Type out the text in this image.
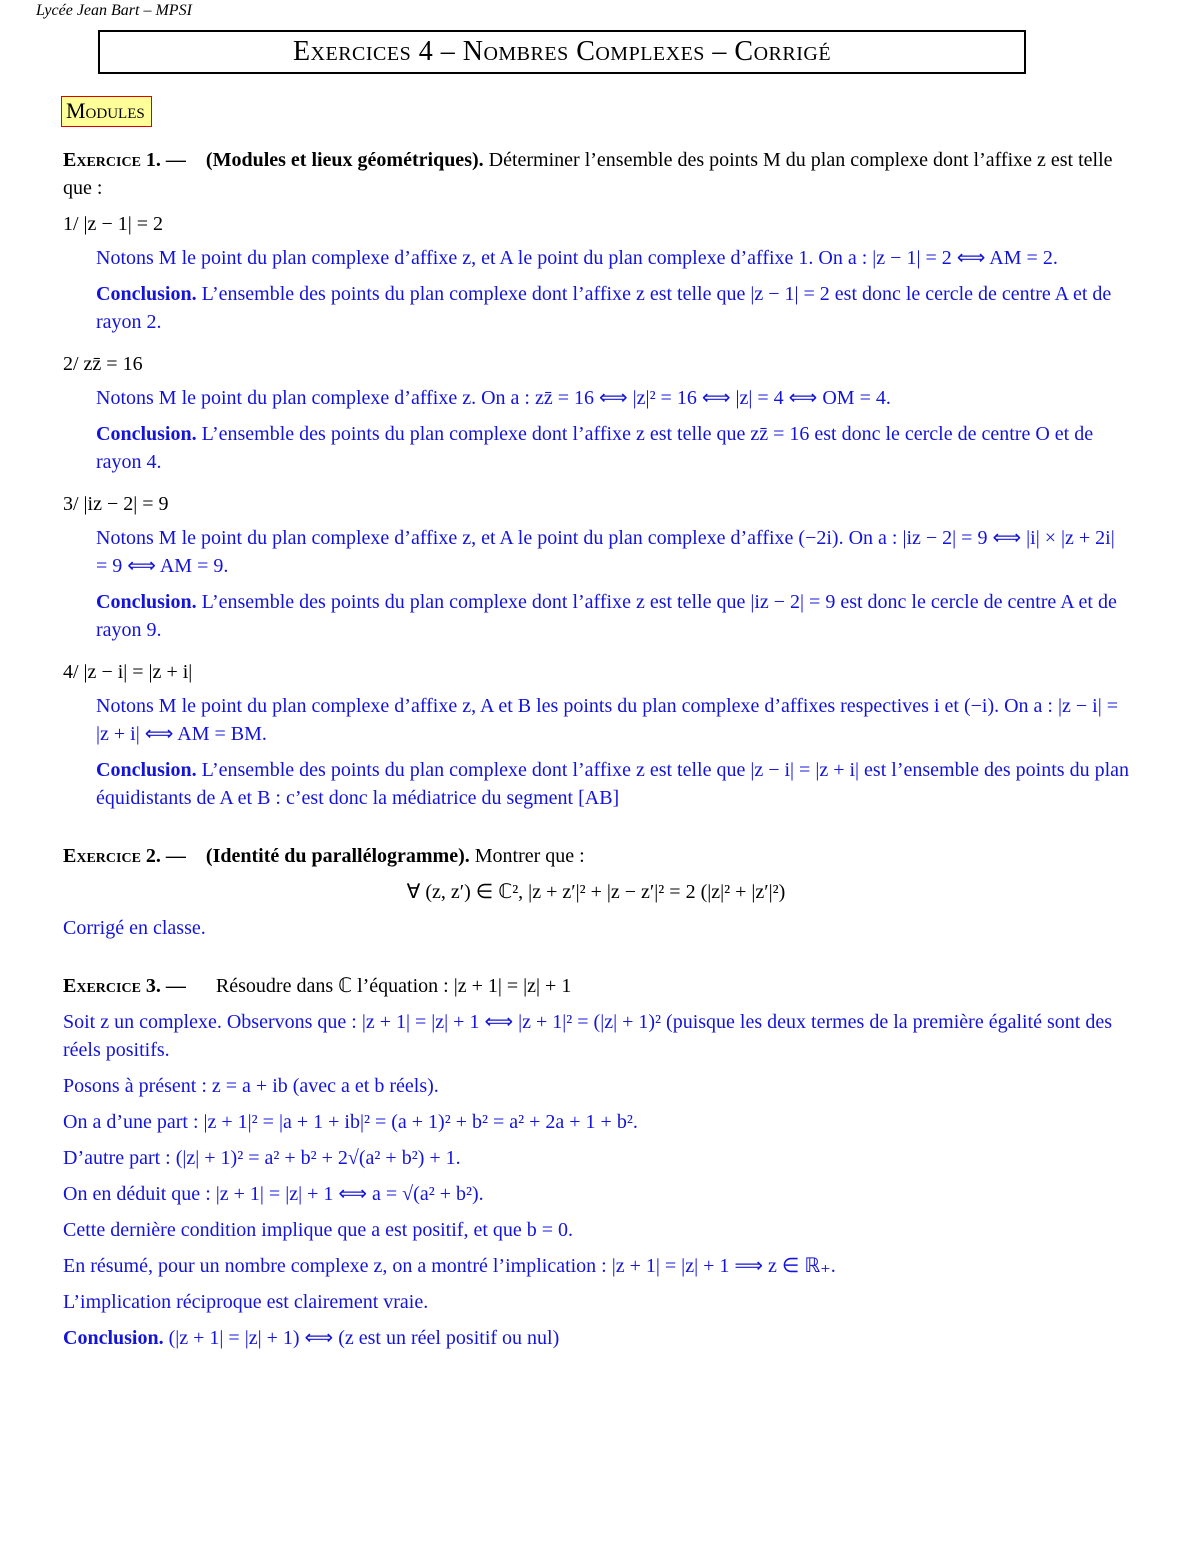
Lycée Jean Bart – MPSI
Exercices 4 – Nombres Complexes – Corrigé
Modules
Exercice 1. — (Modules et lieux géométriques). Déterminer l’ensemble des points M du plan complexe dont l’affixe z est telle que :
1/ |z − 1| = 2
Notons M le point du plan complexe d’affixe z, et A le point du plan complexe d’affixe 1. On a : |z − 1| = 2 ⟺ AM = 2.
Conclusion. L’ensemble des points du plan complexe dont l’affixe z est telle que |z − 1| = 2 est donc le cercle de centre A et de rayon 2.
2/ zz̄ = 16
Notons M le point du plan complexe d’affixe z. On a : zz̄ = 16 ⟺ |z|² = 16 ⟺ |z| = 4 ⟺ OM = 4.
Conclusion. L’ensemble des points du plan complexe dont l’affixe z est telle que zz̄ = 16 est donc le cercle de centre O et de rayon 4.
3/ |iz − 2| = 9
Notons M le point du plan complexe d’affixe z, et A le point du plan complexe d’affixe (−2i). On a : |iz − 2| = 9 ⟺ |i| × |z + 2i| = 9 ⟺ AM = 9.
Conclusion. L’ensemble des points du plan complexe dont l’affixe z est telle que |iz − 2| = 9 est donc le cercle de centre A et de rayon 9.
4/ |z − i| = |z + i|
Notons M le point du plan complexe d’affixe z, A et B les points du plan complexe d’affixes respectives i et (−i). On a : |z − i| = |z + i| ⟺ AM = BM.
Conclusion. L’ensemble des points du plan complexe dont l’affixe z est telle que |z − i| = |z + i| est l’ensemble des points du plan équidistants de A et B : c’est donc la médiatrice du segment [AB]
Exercice 2. — (Identité du parallélogramme). Montrer que :
∀ (z, z′) ∈ ℂ², |z + z′|² + |z − z′|² = 2 (|z|² + |z′|²)
Corrigé en classe.
Exercice 3. —      Résoudre dans ℂ l’équation : |z + 1| = |z| + 1
Soit z un complexe. Observons que : |z + 1| = |z| + 1 ⟺ |z + 1|² = (|z| + 1)² (puisque les deux termes de la première égalité sont des réels positifs.
Posons à présent : z = a + ib (avec a et b réels).
On a d’une part : |z + 1|² = |a + 1 + ib|² = (a + 1)² + b² = a² + 2a + 1 + b².
D’autre part : (|z| + 1)² = a² + b² + 2√(a² + b²) + 1.
On en déduit que : |z + 1| = |z| + 1 ⟺ a = √(a² + b²).
Cette dernière condition implique que a est positif, et que b = 0.
En résumé, pour un nombre complexe z, on a montré l’implication : |z + 1| = |z| + 1 ⟹ z ∈ ℝ₊.
L’implication réciproque est clairement vraie.
Conclusion. (|z + 1| = |z| + 1) ⟺ (z est un réel positif ou nul)
